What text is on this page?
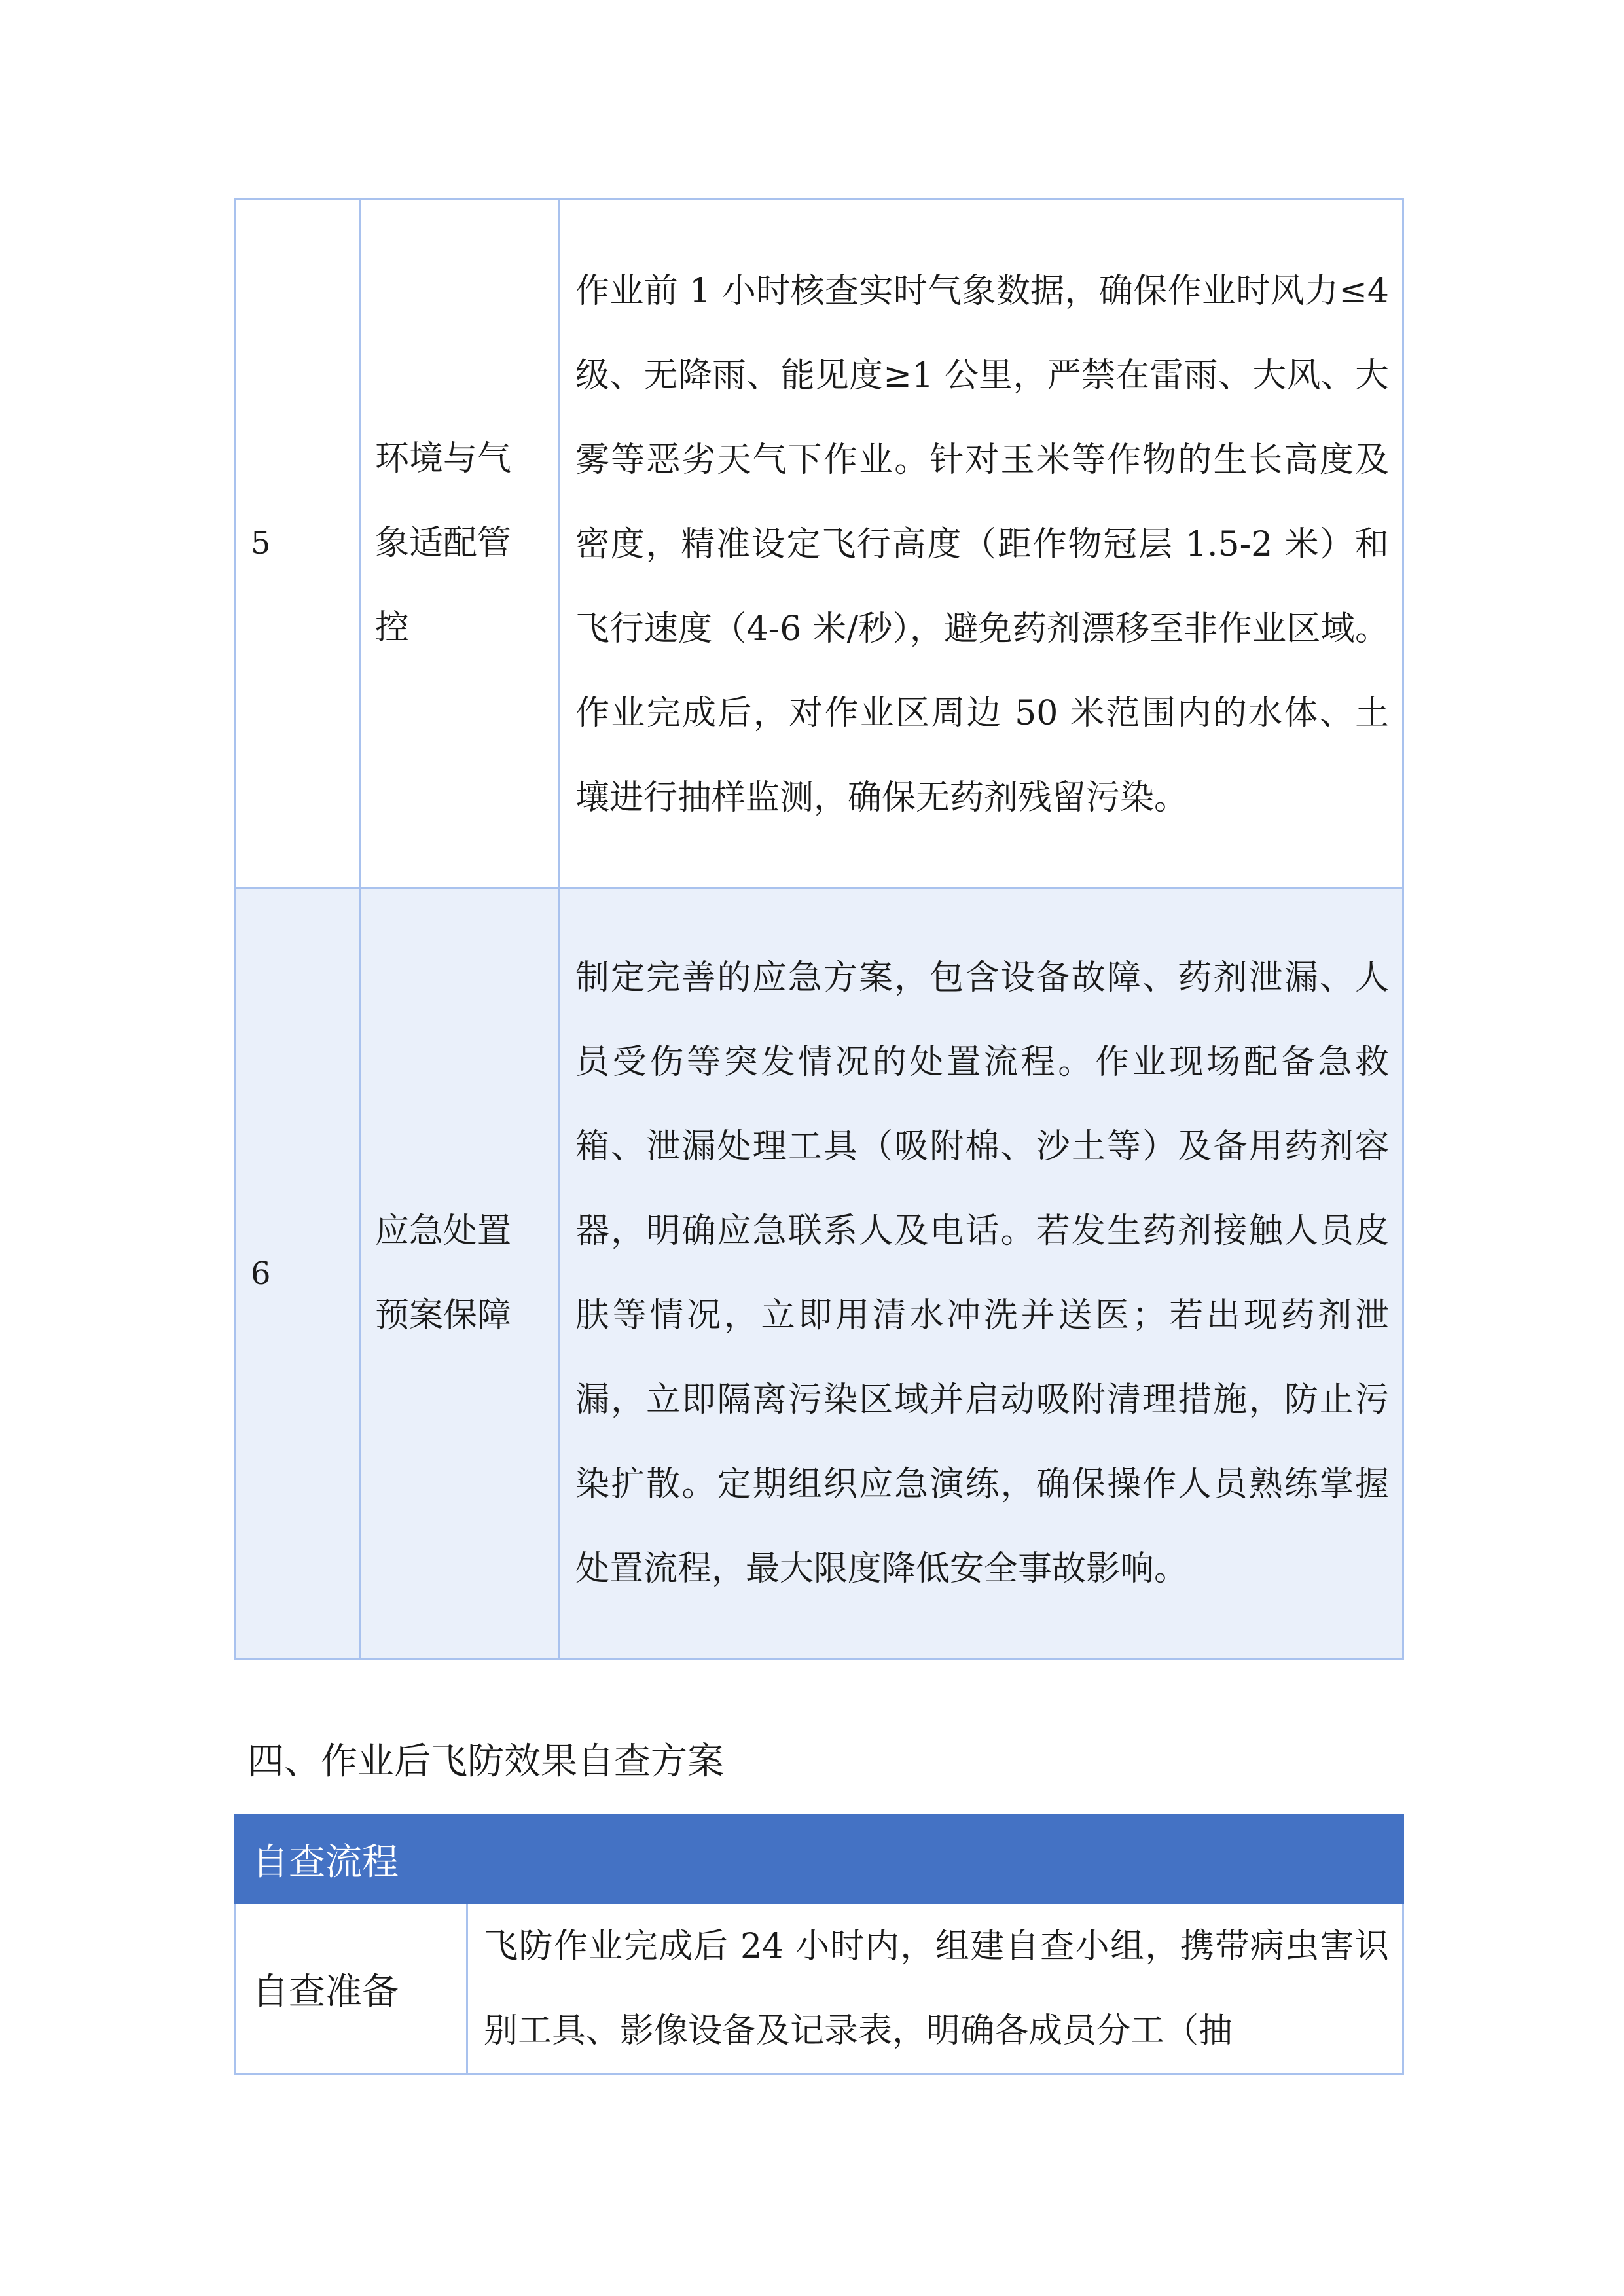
5	环境与气象适配管控	作业前 1 小时核查实时气象数据，确保作业时风力≤4 级、无降雨、能见度≥1 公里，严禁在雷雨、大风、大雾等恶劣天气下作业。针对玉米等作物的生长高度及密度，精准设定飞行高度（距作物冠层 1.5-2 米）和飞行速度（4-6 米/秒），避免药剂漂移至非作业区域。作业完成后，对作业区周边 50 米范围内的水体、土壤进行抽样监测，确保无药剂残留污染。
6	应急处置预案保障	制定完善的应急方案，包含设备故障、药剂泄漏、人员受伤等突发情况的处置流程。作业现场配备急救箱、泄漏处理工具（吸附棉、沙土等）及备用药剂容器，明确应急联系人及电话。若发生药剂接触人员皮肤等情况，立即用清水冲洗并送医；若出现药剂泄漏，立即隔离污染区域并启动吸附清理措施，防止污染扩散。定期组织应急演练，确保操作人员熟练掌握处置流程，最大限度降低安全事故影响。
四、作业后飞防效果自查方案
自查流程
自查准备	飞防作业完成后 24 小时内，组建自查小组，携带病虫害识别工具、影像设备及记录表，明确各成员分工（抽
